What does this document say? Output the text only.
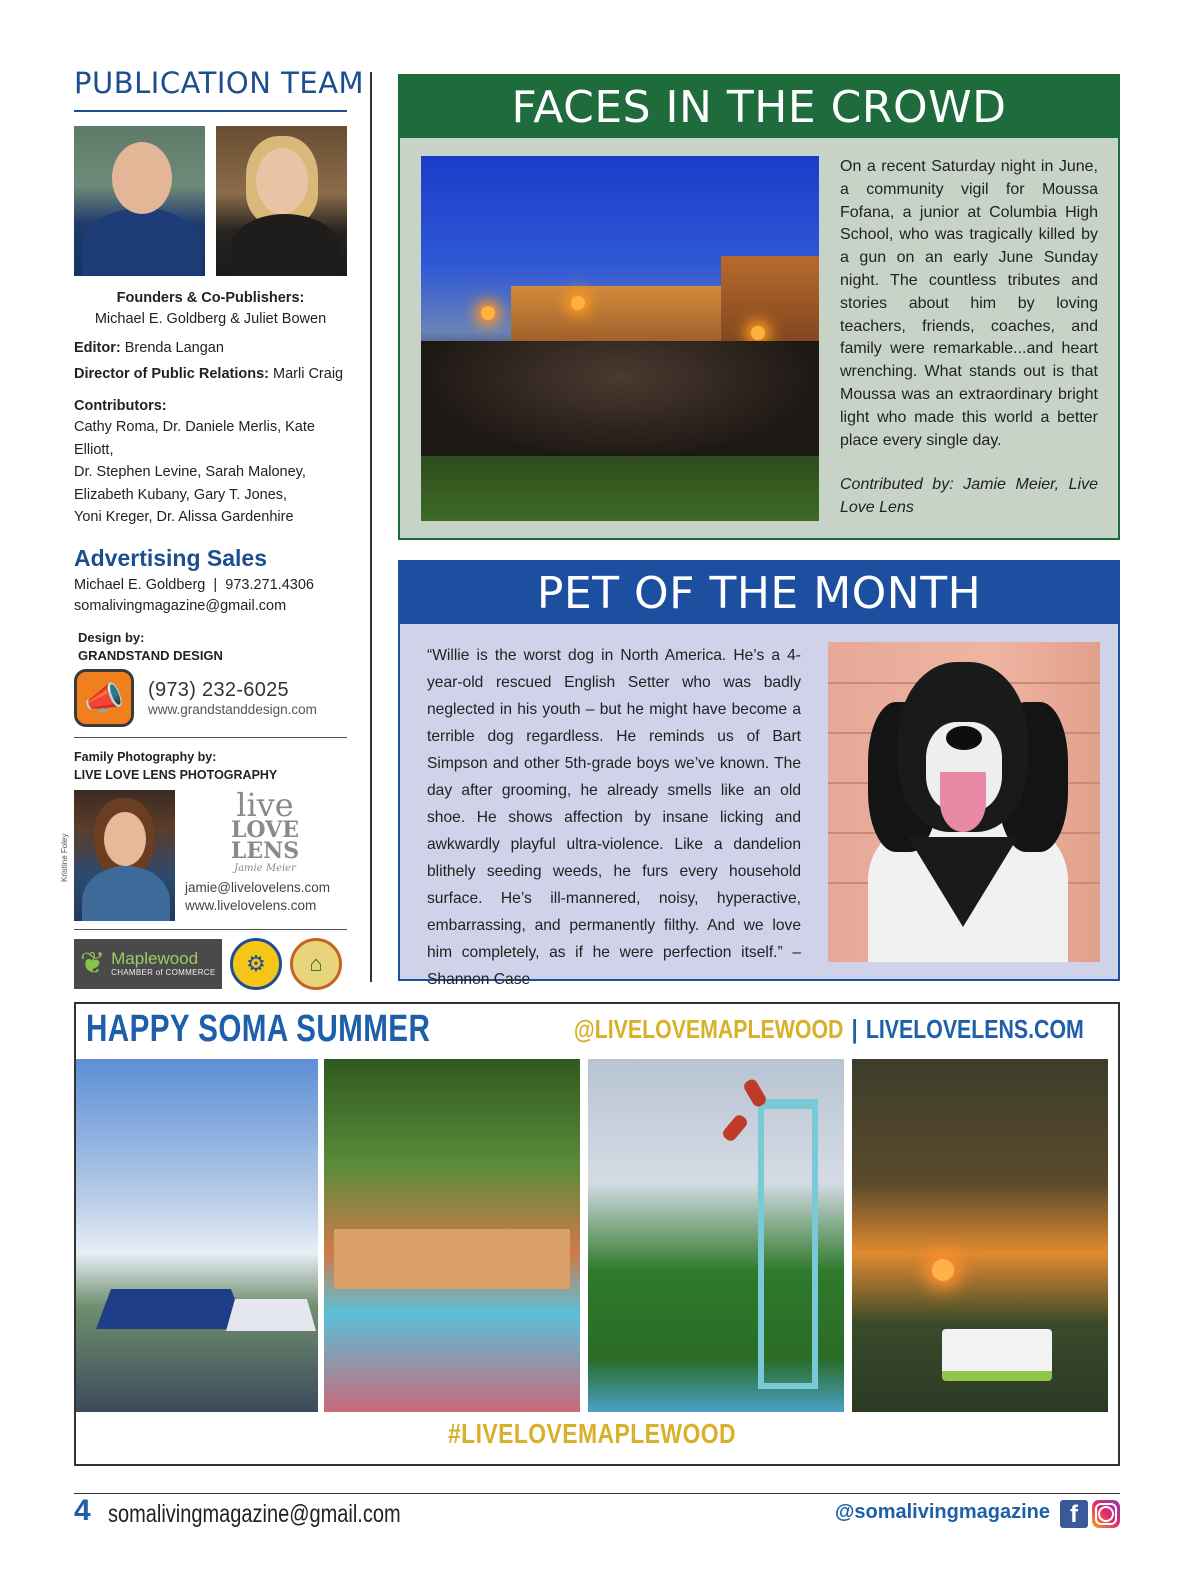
PUBLICATION TEAM
Founders & Co-Publishers:
Michael E. Goldberg & Juliet Bowen
Editor: Brenda Langan
Director of Public Relations: Marli Craig
Contributors:
Cathy Roma, Dr. Daniele Merlis, Kate Elliott,
Dr. Stephen Levine, Sarah Maloney,
Elizabeth Kubany, Gary T. Jones,
Yoni Kreger, Dr. Alissa Gardenhire
Advertising Sales
Michael E. Goldberg  |  973.271.4306
somalivingmagazine@gmail.com
Design by:
GRANDSTAND DESIGN
📣	(973) 232-6025
www.grandstanddesign.com
Family Photography by:
LIVE LOVE LENS PHOTOGRAPHY
Kristine Foley
live
LOVE
LENS
Jamie Meier
jamie@livelovelens.com
www.livelovelens.com
❦ Maplewood
CHAMBER of COMMERCE	⚙	⌂
FACES IN THE CROWD
On a recent Saturday night in June, a community vigil for Moussa Fofana, a junior at Columbia High School, who was tragically killed by a gun on an early June Sunday night. The countless tributes and stories about him by loving teachers, friends, coaches, and family were remarkable...and heart wrenching. What stands out is that Moussa was an extraordinary bright light who made this world a better place every single day.
Contributed by: Jamie Meier, Live Love Lens
PET OF THE MONTH
“Willie is the worst dog in North America. He’s a 4-year-old rescued English Setter who was badly neglected in his youth – but he might have become a terrible dog regardless. He reminds us of Bart Simpson and other 5th-grade boys we’ve known. The day after grooming, he already smells like an old shoe. He shows affection by insane licking and awkwardly playful ultra-violence. Like a dandelion blithely seeding weeds, he furs every household surface. He’s ill-mannered, noisy, hyperactive, embarrassing, and permanently filthy. And we love him completely, as if he were perfection itself.” –Shannon Case
HAPPY SOMA SUMMER	@LIVELOVEMAPLEWOOD | LIVELOVELENS.COM
#LIVELOVEMAPLEWOOD
4 somalivingmagazine@gmail.com	@somalivingmagazine f
